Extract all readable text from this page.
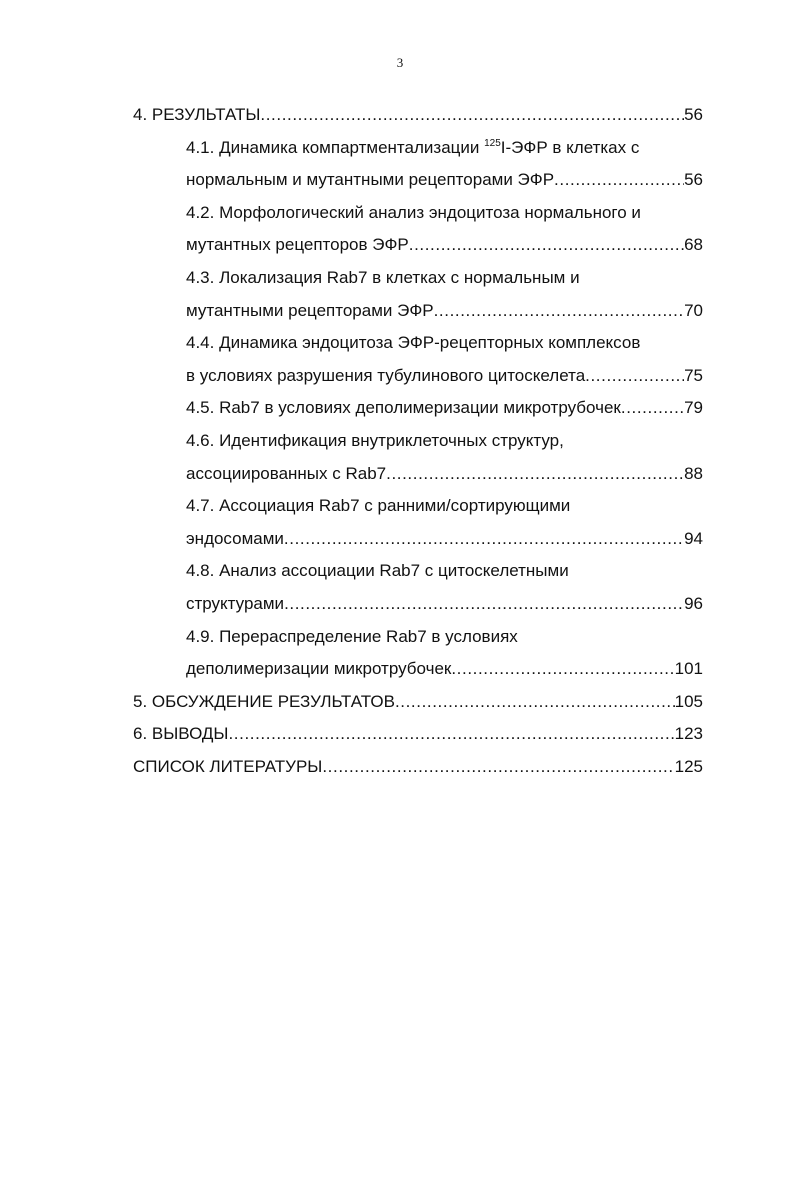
3
4. РЕЗУЛЬТАТЫ .....	56
4.1. Динамика компартментализации $^{125}$I-ЭФР в клетках с
нормальным и мутантными рецепторами ЭФР .....	56
4.2. Морфологический анализ эндоцитоза нормального и
мутантных рецепторов ЭФР .....	68
4.3. Локализация Rab7 в клетках с нормальным и
мутантными рецепторами ЭФР .....	70
4.4. Динамика эндоцитоза ЭФР-рецепторных комплексов
в условиях разрушения тубулинового цитоскелета .....	75
4.5. Rab7 в условиях деполимеризации микротрубочек .....	79
4.6. Идентификация внутриклеточных структур,
ассоциированных с Rab7 .....	88
4.7. Ассоциация Rab7 с ранними/сортирующими
эндосомами .....	94
4.8. Анализ ассоциации Rab7 с цитоскелетными
структурами .....	96
4.9. Перераспределение Rab7 в условиях
деполимеризации микротрубочек .....	101
5. ОБСУЖДЕНИЕ РЕЗУЛЬТАТОВ .....	105
6. ВЫВОДЫ .....	123
СПИСОК ЛИТЕРАТУРЫ .....	125
